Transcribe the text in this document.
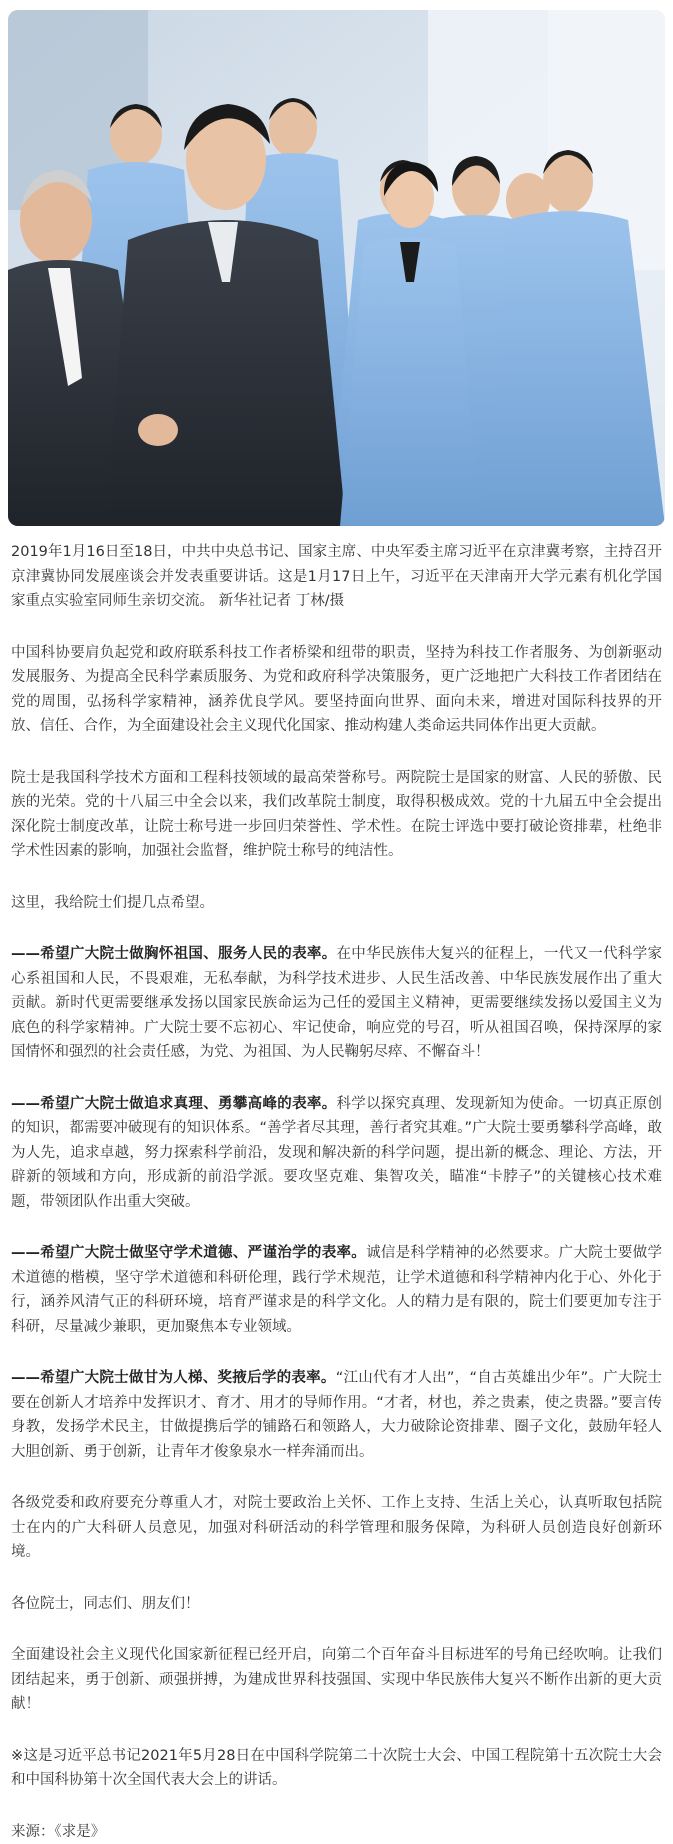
2019年1月16日至18日，中共中央总书记、国家主席、中央军委主席习近平在京津冀考察，主持召开京津冀协同发展座谈会并发表重要讲话。这是1月17日上午，习近平在天津南开大学元素有机化学国家重点实验室同师生亲切交流。 新华社记者 丁林/摄

中国科协要肩负起党和政府联系科技工作者桥梁和纽带的职责，坚持为科技工作者服务、为创新驱动发展服务、为提高全民科学素质服务、为党和政府科学决策服务，更广泛地把广大科技工作者团结在党的周围，弘扬科学家精神，涵养优良学风。要坚持面向世界、面向未来，增进对国际科技界的开放、信任、合作，为全面建设社会主义现代化国家、推动构建人类命运共同体作出更大贡献。

院士是我国科学技术方面和工程科技领域的最高荣誉称号。两院院士是国家的财富、人民的骄傲、民族的光荣。党的十八届三中全会以来，我们改革院士制度，取得积极成效。党的十九届五中全会提出深化院士制度改革，让院士称号进一步回归荣誉性、学术性。在院士评选中要打破论资排辈，杜绝非学术性因素的影响，加强社会监督，维护院士称号的纯洁性。

这里，我给院士们提几点希望。

——希望广大院士做胸怀祖国、服务人民的表率。在中华民族伟大复兴的征程上，一代又一代科学家心系祖国和人民，不畏艰难，无私奉献，为科学技术进步、人民生活改善、中华民族发展作出了重大贡献。新时代更需要继承发扬以国家民族命运为己任的爱国主义精神，更需要继续发扬以爱国主义为底色的科学家精神。广大院士要不忘初心、牢记使命，响应党的号召，听从祖国召唤，保持深厚的家国情怀和强烈的社会责任感，为党、为祖国、为人民鞠躬尽瘁、不懈奋斗！

——希望广大院士做追求真理、勇攀高峰的表率。科学以探究真理、发现新知为使命。一切真正原创的知识，都需要冲破现有的知识体系。“善学者尽其理，善行者究其难。”广大院士要勇攀科学高峰，敢为人先，追求卓越，努力探索科学前沿，发现和解决新的科学问题，提出新的概念、理论、方法，开辟新的领域和方向，形成新的前沿学派。要攻坚克难、集智攻关，瞄准“卡脖子”的关键核心技术难题，带领团队作出重大突破。

——希望广大院士做坚守学术道德、严谨治学的表率。诚信是科学精神的必然要求。广大院士要做学术道德的楷模，坚守学术道德和科研伦理，践行学术规范，让学术道德和科学精神内化于心、外化于行，涵养风清气正的科研环境，培育严谨求是的科学文化。人的精力是有限的，院士们要更加专注于科研，尽量减少兼职，更加聚焦本专业领域。

——希望广大院士做甘为人梯、奖掖后学的表率。“江山代有才人出”，“自古英雄出少年”。广大院士要在创新人才培养中发挥识才、育才、用才的导师作用。“才者，材也，养之贵素，使之贵器。”要言传身教，发扬学术民主，甘做提携后学的铺路石和领路人，大力破除论资排辈、圈子文化，鼓励年轻人大胆创新、勇于创新，让青年才俊象泉水一样奔涌而出。

各级党委和政府要充分尊重人才，对院士要政治上关怀、工作上支持、生活上关心，认真听取包括院士在内的广大科研人员意见，加强对科研活动的科学管理和服务保障，为科研人员创造良好创新环境。

各位院士，同志们、朋友们！

全面建设社会主义现代化国家新征程已经开启，向第二个百年奋斗目标进军的号角已经吹响。让我们团结起来，勇于创新、顽强拼搏，为建成世界科技强国、实现中华民族伟大复兴不断作出新的更大贡献！

※这是习近平总书记2021年5月28日在中国科学院第二十次院士大会、中国工程院第十五次院士大会和中国科协第十次全国代表大会上的讲话。

来源：《求是》
